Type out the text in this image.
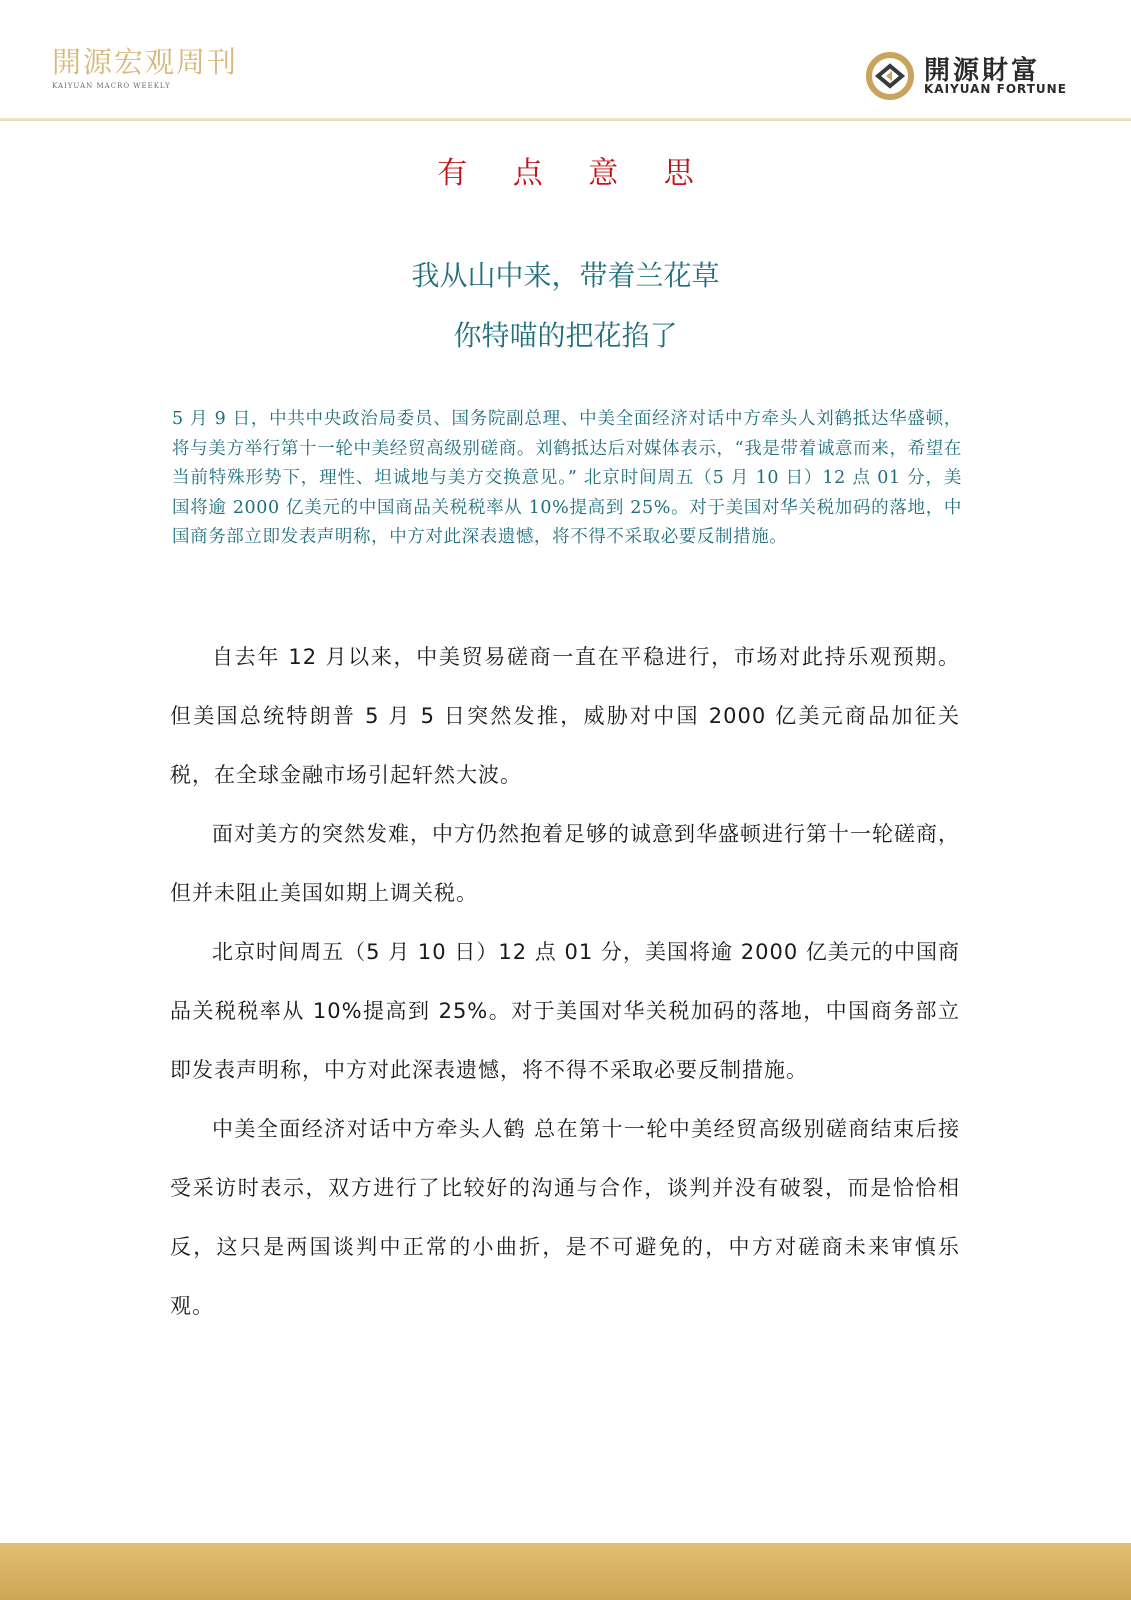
開源宏观周刊
KAIYUAN MACRO WEEKLY	開源財富
KAIYUAN FORTUNE
有 点 意 思
我从山中来，带着兰花草
你特喵的把花掐了
5 月 9 日，中共中央政治局委员、国务院副总理、中美全面经济对话中方牵头人刘鹤抵达华盛顿，将与美方举行第十一轮中美经贸高级别磋商。刘鹤抵达后对媒体表示，“我是带着诚意而来，希望在当前特殊形势下，理性、坦诚地与美方交换意见。” 北京时间周五（5 月 10 日）12 点 01 分，美国将逾 2000 亿美元的中国商品关税税率从 10%提高到 25%。对于美国对华关税加码的落地，中国商务部立即发表声明称，中方对此深表遗憾，将不得不采取必要反制措施。

自去年 12 月以来，中美贸易磋商一直在平稳进行，市场对此持乐观预期。但美国总统特朗普 5 月 5 日突然发推，威胁对中国 2000 亿美元商品加征关税，在全球金融市场引起轩然大波。

面对美方的突然发难，中方仍然抱着足够的诚意到华盛顿进行第十一轮磋商，但并未阻止美国如期上调关税。

北京时间周五（5 月 10 日）12 点 01 分，美国将逾 2000 亿美元的中国商品关税税率从 10%提高到 25%。对于美国对华关税加码的落地，中国商务部立即发表声明称，中方对此深表遗憾，将不得不采取必要反制措施。

中美全面经济对话中方牵头人鹤 总在第十一轮中美经贸高级别磋商结束后接受采访时表示，双方进行了比较好的沟通与合作，谈判并没有破裂，而是恰恰相反，这只是两国谈判中正常的小曲折，是不可避免的，中方对磋商未来审慎乐观。
